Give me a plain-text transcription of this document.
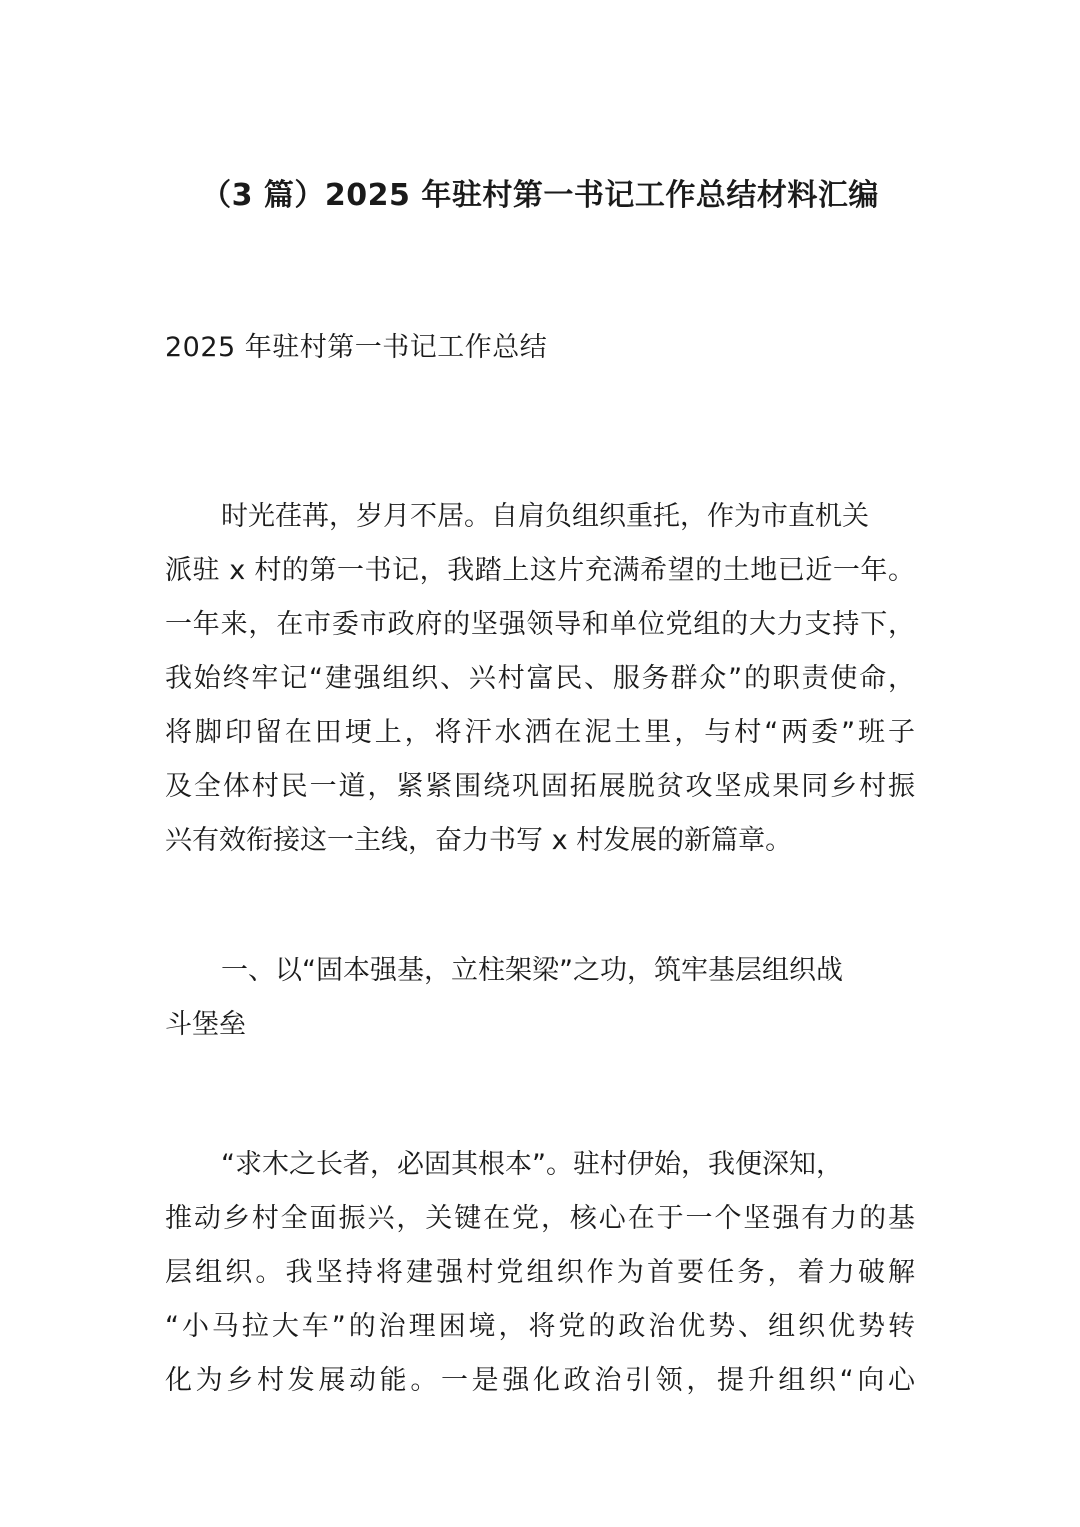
（3 篇）2025 年驻村第一书记工作总结材料汇编

2025 年驻村第一书记工作总结

时光荏苒，岁月不居。自肩负组织重托，作为市直机关
派驻 x 村的第一书记，我踏上这片充满希望的土地已近一年。
一年来，在市委市政府的坚强领导和单位党组的大力支持下，
我始终牢记“建强组织、兴村富民、服务群众”的职责使命，
将脚印留在田埂上，将汗水洒在泥土里，与村“两委”班子
及全体村民一道，紧紧围绕巩固拓展脱贫攻坚成果同乡村振
兴有效衔接这一主线，奋力书写 x 村发展的新篇章。
一、以“固本强基，立柱架梁”之功，筑牢基层组织战
斗堡垒
“求木之长者，必固其根本”。驻村伊始，我便深知，
推动乡村全面振兴，关键在党，核心在于一个坚强有力的基
层组织。我坚持将建强村党组织作为首要任务，着力破解
“小马拉大车”的治理困境，将党的政治优势、组织优势转
化为乡村发展动能。一是强化政治引领，提升组织“向心
